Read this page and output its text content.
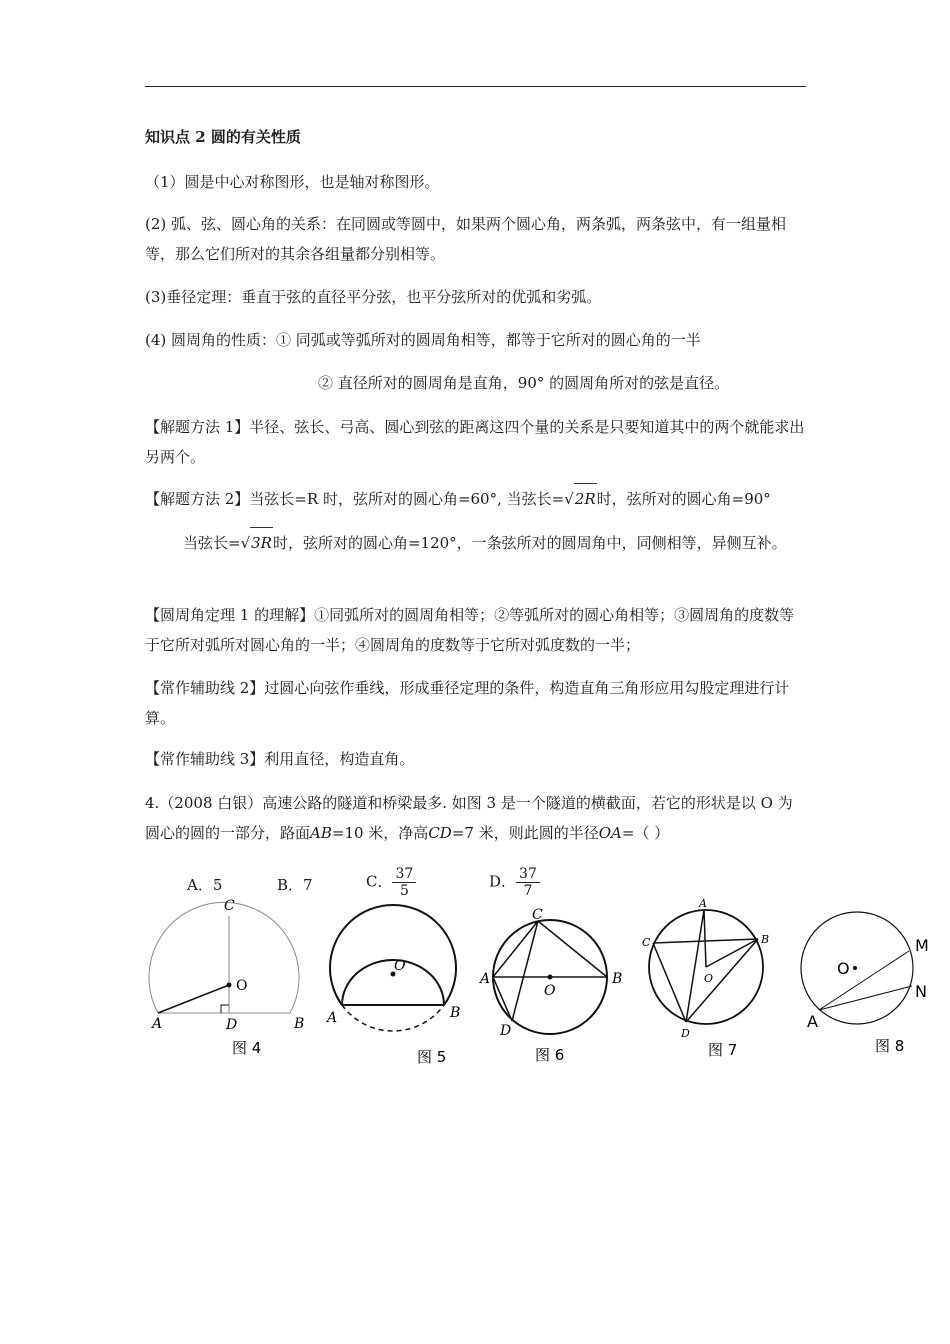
知识点 2 圆的有关性质
（1）圆是中心对称图形，也是轴对称图形。
(2) 弧、弦、圆心角的关系：在同圆或等圆中，如果两个圆心角，两条弧，两条弦中，有一组量相等，那么它们所对的其余各组量都分别相等。
(3)垂径定理：垂直于弦的直径平分弦，也平分弦所对的优弧和劣弧。
(4) 圆周角的性质：① 同弧或等弧所对的圆周角相等，都等于它所对的圆心角的一半
② 直径所对的圆周角是直角，90° 的圆周角所对的弦是直径。
【解题方法 1】半径、弦长、弓高、圆心到弦的距离这四个量的关系是只要知道其中的两个就能求出另两个。
【解题方法 2】当弦长=R 时，弦所对的圆心角=60°, 当弦长=√2R时，弦所对的圆心角=90°
当弦长=√3R时，弦所对的圆心角=120°，一条弦所对的圆周角中，同侧相等，异侧互补。
【圆周角定理 1 的理解】①同弧所对的圆周角相等；②等弧所对的圆心角相等；③圆周角的度数等于它所对弧所对圆心角的一半；④圆周角的度数等于它所对弧度数的一半；
【常作辅助线 2】过圆心向弦作垂线，形成垂径定理的条件，构造直角三角形应用勾股定理进行计算。
【常作辅助线 3】利用直径，构造直角。
4.（2008 白银）高速公路的隧道和桥梁最多. 如图 3 是一个隧道的横截面，若它的形状是以 O 为圆心的圆的一部分，路面AB=10 米，净高CD=7 米，则此圆的半径OA=（ ）
A．5	B．7	C． $\frac{37}{5}$	D． $\frac{37}{7}$
C
O
A	D	B
图 4
O
A	B
图 5
C
A
O
B
D
图 6
A
C	B
O
D
图 7
O
M
N
A
图 8
